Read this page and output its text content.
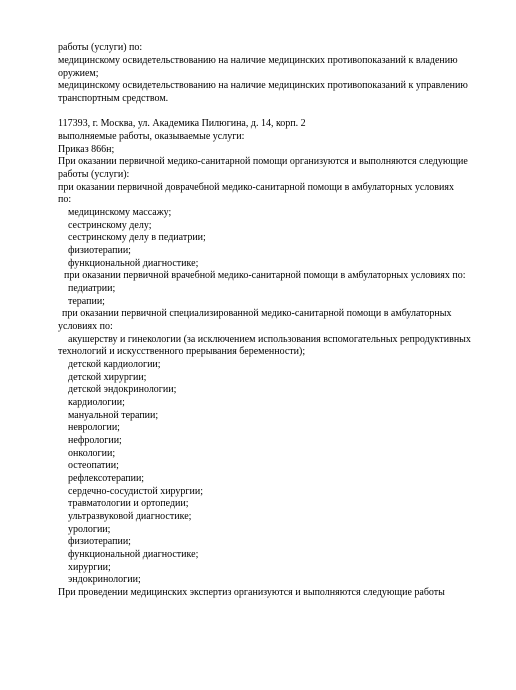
работы (услуги) по:
медицинскому освидетельствованию на наличие медицинских противопоказаний к владению
оружием;
медицинскому освидетельствованию на наличие медицинских противопоказаний к управлению
транспортным средством.
117393, г. Москва, ул. Академика Пилюгина, д. 14, корп. 2
выполняемые работы, оказываемые услуги:
Приказ 866н;
При оказании первичной медико-санитарной помощи организуются и выполняются следующие
работы (услуги):
при оказании первичной доврачебной медико-санитарной помощи в амбулаторных условиях
по:
медицинскому массажу;
сестринскому делу;
сестринскому делу в педиатрии;
физиотерапии;
функциональной диагностике;
при оказании первичной врачебной медико-санитарной помощи в амбулаторных условиях по:
педиатрии;
терапии;
при оказании первичной специализированной медико-санитарной помощи в амбулаторных
условиях по:
акушерству и гинекологии (за исключением использования вспомогательных репродуктивных
технологий и искусственного прерывания беременности);
детской кардиологии;
детской хирургии;
детской эндокринологии;
кардиологии;
мануальной терапии;
неврологии;
нефрологии;
онкологии;
остеопатии;
рефлексотерапии;
сердечно-сосудистой хирургии;
травматологии и ортопедии;
ультразвуковой диагностике;
урологии;
физиотерапии;
функциональной диагностике;
хирургии;
эндокринологии;
При проведении медицинских экспертиз организуются и выполняются следующие работы
